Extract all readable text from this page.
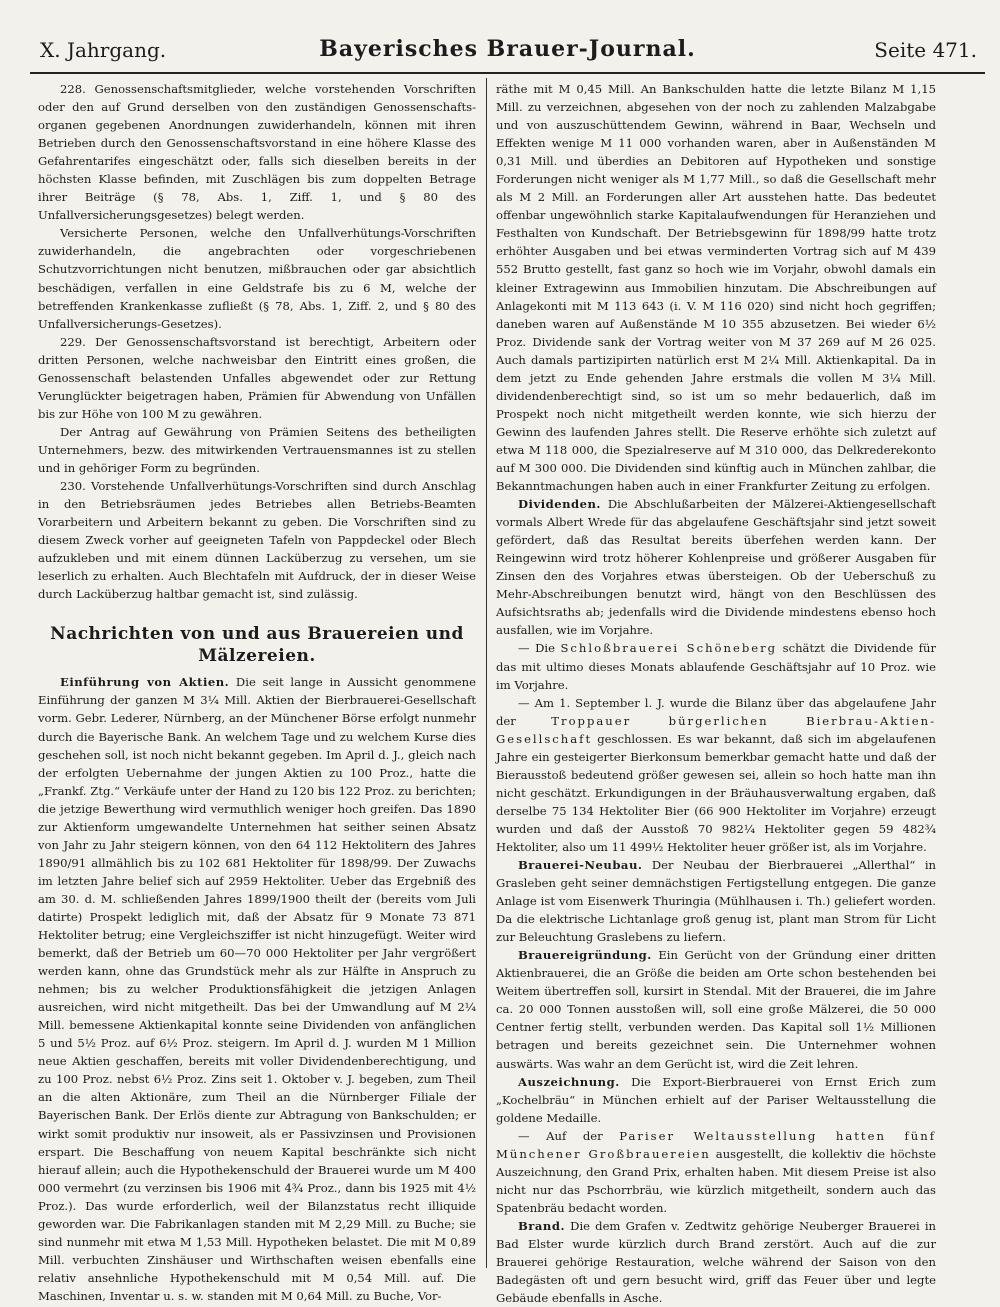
X. Jahrgang.	Bayerisches Brauer-Journal.	Seite 471.

228. Genossenschaftsmitglieder, welche vorstehenden Vorschriften oder den auf Grund derselben von den zuständigen Genossenschafts-organen gegebenen Anordnungen zuwiderhandeln, können mit ihren Betrieben durch den Genossenschaftsvorstand in eine höhere Klasse des Gefahrentarifes eingeschätzt oder, falls sich dieselben bereits in der höchsten Klasse befinden, mit Zuschlägen bis zum doppelten Betrage ihrer Beiträge (§ 78, Abs. 1, Ziff. 1, und § 80 des Unfallversicherungsgesetzes) belegt werden.

Versicherte Personen, welche den Unfallverhütungs-Vorschriften zuwiderhandeln, die angebrachten oder vorgeschriebenen Schutzvorrichtungen nicht benutzen, mißbrauchen oder gar absichtlich beschädigen, verfallen in eine Geldstrafe bis zu 6 M, welche der betreffenden Krankenkasse zufließt (§ 78, Abs. 1, Ziff. 2, und § 80 des Unfallversicherungs-Gesetzes).

229. Der Genossenschaftsvorstand ist berechtigt, Arbeitern oder dritten Personen, welche nachweisbar den Eintritt eines großen, die Genossenschaft belastenden Unfalles abgewendet oder zur Rettung Verunglückter beigetragen haben, Prämien für Abwendung von Unfällen bis zur Höhe von 100 M zu gewähren.

Der Antrag auf Gewährung von Prämien Seitens des betheiligten Unternehmers, bezw. des mitwirkenden Vertrauensmannes ist zu stellen und in gehöriger Form zu begründen.

230. Vorstehende Unfallverhütungs-Vorschriften sind durch Anschlag in den Betriebsräumen jedes Betriebes allen Betriebs-Beamten Vorarbeitern und Arbeitern bekannt zu geben. Die Vorschriften sind zu diesem Zweck vorher auf geeigneten Tafeln von Pappdeckel oder Blech aufzukleben und mit einem dünnen Lacküberzug zu versehen, um sie leserlich zu erhalten. Auch Blechtafeln mit Aufdruck, der in dieser Weise durch Lacküberzug haltbar gemacht ist, sind zulässig.

Nachrichten von und aus Brauereien und Mälzereien.

Einführung von Aktien. Die seit lange in Aussicht genommene Einführung der ganzen M 3¼ Mill. Aktien der Bierbrauerei-Gesellschaft vorm. Gebr. Lederer, Nürnberg, an der Münchener Börse erfolgt nunmehr durch die Bayerische Bank. An welchem Tage und zu welchem Kurse dies geschehen soll, ist noch nicht bekannt gegeben. Im April d. J., gleich nach der erfolgten Uebernahme der jungen Aktien zu 100 Proz., hatte die „Frankf. Ztg.“ Verkäufe unter der Hand zu 120 bis 122 Proz. zu berichten; die jetzige Bewerthung wird vermuthlich weniger hoch greifen. Das 1890 zur Aktienform umgewandelte Unternehmen hat seither seinen Absatz von Jahr zu Jahr steigern können, von den 64 112 Hektolitern des Jahres 1890/91 allmählich bis zu 102 681 Hektoliter für 1898/99. Der Zuwachs im letzten Jahre belief sich auf 2959 Hektoliter. Ueber das Ergebniß des am 30. d. M. schließenden Jahres 1899/1900 theilt der (bereits vom Juli datirte) Prospekt lediglich mit, daß der Absatz für 9 Monate 73 871 Hektoliter betrug; eine Vergleichsziffer ist nicht hinzugefügt. Weiter wird bemerkt, daß der Betrieb um 60—70 000 Hektoliter per Jahr vergrößert werden kann, ohne das Grundstück mehr als zur Hälfte in Anspruch zu nehmen; bis zu welcher Produktionsfähigkeit die jetzigen Anlagen ausreichen, wird nicht mitgetheilt. Das bei der Umwandlung auf M 2¼ Mill. bemessene Aktienkapital konnte seine Dividenden von anfänglichen 5 und 5½ Proz. auf 6½ Proz. steigern. Im April d. J. wurden M 1 Million neue Aktien geschaffen, bereits mit voller Dividendenberechtigung, und zu 100 Proz. nebst 6½ Proz. Zins seit 1. Oktober v. J. begeben, zum Theil an die alten Aktionäre, zum Theil an die Nürnberger Filiale der Bayerischen Bank. Der Erlös diente zur Abtragung von Bankschulden; er wirkt somit produktiv nur insoweit, als er Passivzinsen und Provisionen erspart. Die Beschaffung von neuem Kapital beschränkte sich nicht hierauf allein; auch die Hypothekenschuld der Brauerei wurde um M 400 000 vermehrt (zu verzinsen bis 1906 mit 4¾ Proz., dann bis 1925 mit 4½ Proz.). Das wurde erforderlich, weil der Bilanzstatus recht illiquide geworden war. Die Fabrikanlagen standen mit M 2,29 Mill. zu Buche; sie sind nunmehr mit etwa M 1,53 Mill. Hypotheken belastet. Die mit M 0,89 Mill. verbuchten Zinshäuser und Wirthschaften weisen ebenfalls eine relativ ansehnliche Hypothekenschuld mit M 0,54 Mill. auf. Die Maschinen, Inventar u. s. w. standen mit M 0,64 Mill. zu Buche, Vor-

räthe mit M 0,45 Mill. An Bankschulden hatte die letzte Bilanz M 1,15 Mill. zu verzeichnen, abgesehen von der noch zu zahlenden Malzabgabe und von auszuschüttendem Gewinn, während in Baar, Wechseln und Effekten wenige M 11 000 vorhanden waren, aber in Außenständen M 0,31 Mill. und überdies an Debitoren auf Hypotheken und sonstige Forderungen nicht weniger als M 1,77 Mill., so daß die Gesellschaft mehr als M 2 Mill. an Forderungen aller Art ausstehen hatte. Das bedeutet offenbar ungewöhnlich starke Kapitalaufwendungen für Heranziehen und Festhalten von Kundschaft. Der Betriebsgewinn für 1898/99 hatte trotz erhöhter Ausgaben und bei etwas verminderten Vortrag sich auf M 439 552 Brutto gestellt, fast ganz so hoch wie im Vorjahr, obwohl damals ein kleiner Extragewinn aus Immobilien hinzutam. Die Abschreibungen auf Anlagekonti mit M 113 643 (i. V. M 116 020) sind nicht hoch gegriffen; daneben waren auf Außenstände M 10 355 abzusetzen. Bei wieder 6½ Proz. Dividende sank der Vortrag weiter von M 37 269 auf M 26 025. Auch damals partizipirten natürlich erst M 2¼ Mill. Aktienkapital. Da in dem jetzt zu Ende gehenden Jahre erstmals die vollen M 3¼ Mill. dividendenberechtigt sind, so ist um so mehr bedauerlich, daß im Prospekt noch nicht mitgetheilt werden konnte, wie sich hierzu der Gewinn des laufenden Jahres stellt. Die Reserve erhöhte sich zuletzt auf etwa M 118 000, die Spezialreserve auf M 310 000, das Delkrederekonto auf M 300 000. Die Dividenden sind künftig auch in München zahlbar, die Bekanntmachungen haben auch in einer Frankfurter Zeitung zu erfolgen.

Dividenden. Die Abschlußarbeiten der Mälzerei-Aktiengesellschaft vormals Albert Wrede für das abgelaufene Geschäftsjahr sind jetzt soweit gefördert, daß das Resultat bereits überfehen werden kann. Der Reingewinn wird trotz höherer Kohlenpreise und größerer Ausgaben für Zinsen den des Vorjahres etwas übersteigen. Ob der Ueberschuß zu Mehr-Abschreibungen benutzt wird, hängt von den Beschlüssen des Aufsichtsraths ab; jedenfalls wird die Dividende mindestens ebenso hoch ausfallen, wie im Vorjahre.

— Die Schloßbrauerei Schöneberg schätzt die Dividende für das mit ultimo dieses Monats ablaufende Geschäftsjahr auf 10 Proz. wie im Vorjahre.

— Am 1. September l. J. wurde die Bilanz über das abgelaufene Jahr der Troppauer bürgerlichen Bierbrau-Aktien-Gesellschaft geschlossen. Es war bekannt, daß sich im abgelaufenen Jahre ein gesteigerter Bierkonsum bemerkbar gemacht hatte und daß der Bierausstoß bedeutend größer gewesen sei, allein so hoch hatte man ihn nicht geschätzt. Erkundigungen in der Bräuhausverwaltung ergaben, daß derselbe 75 134 Hektoliter Bier (66 900 Hektoliter im Vorjahre) erzeugt wurden und daß der Ausstoß 70 982¼ Hektoliter gegen 59 482¾ Hektoliter, also um 11 499½ Hektoliter heuer größer ist, als im Vorjahre.

Brauerei-Neubau. Der Neubau der Bierbrauerei „Allerthal“ in Grasleben geht seiner demnächstigen Fertigstellung entgegen. Die ganze Anlage ist vom Eisenwerk Thuringia (Mühlhausen i. Th.) geliefert worden. Da die elektrische Lichtanlage groß genug ist, plant man Strom für Licht zur Beleuchtung Graslebens zu liefern.

Brauereigründung. Ein Gerücht von der Gründung einer dritten Aktienbrauerei, die an Größe die beiden am Orte schon bestehenden bei Weitem übertreffen soll, kursirt in Stendal. Mit der Brauerei, die im Jahre ca. 20 000 Tonnen ausstoßen will, soll eine große Mälzerei, die 50 000 Centner fertig stellt, verbunden werden. Das Kapital soll 1½ Millionen betragen und bereits gezeichnet sein. Die Unternehmer wohnen auswärts. Was wahr an dem Gerücht ist, wird die Zeit lehren.

Auszeichnung. Die Export-Bierbrauerei von Ernst Erich zum „Kochelbräu“ in München erhielt auf der Pariser Weltausstellung die goldene Medaille.

— Auf der Pariser Weltausstellung hatten fünf Münchener Großbrauereien ausgestellt, die kollektiv die höchste Auszeichnung, den Grand Prix, erhalten haben. Mit diesem Preise ist also nicht nur das Pschorrbräu, wie kürzlich mitgetheilt, sondern auch das Spatenbräu bedacht worden.

Brand. Die dem Grafen v. Zedtwitz gehörige Neuberger Brauerei in Bad Elster wurde kürzlich durch Brand zerstört. Auch auf die zur Brauerei gehörige Restauration, welche während der Saison von den Badegästen oft und gern besucht wird, griff das Feuer über und legte Gebäude ebenfalls in Asche.
